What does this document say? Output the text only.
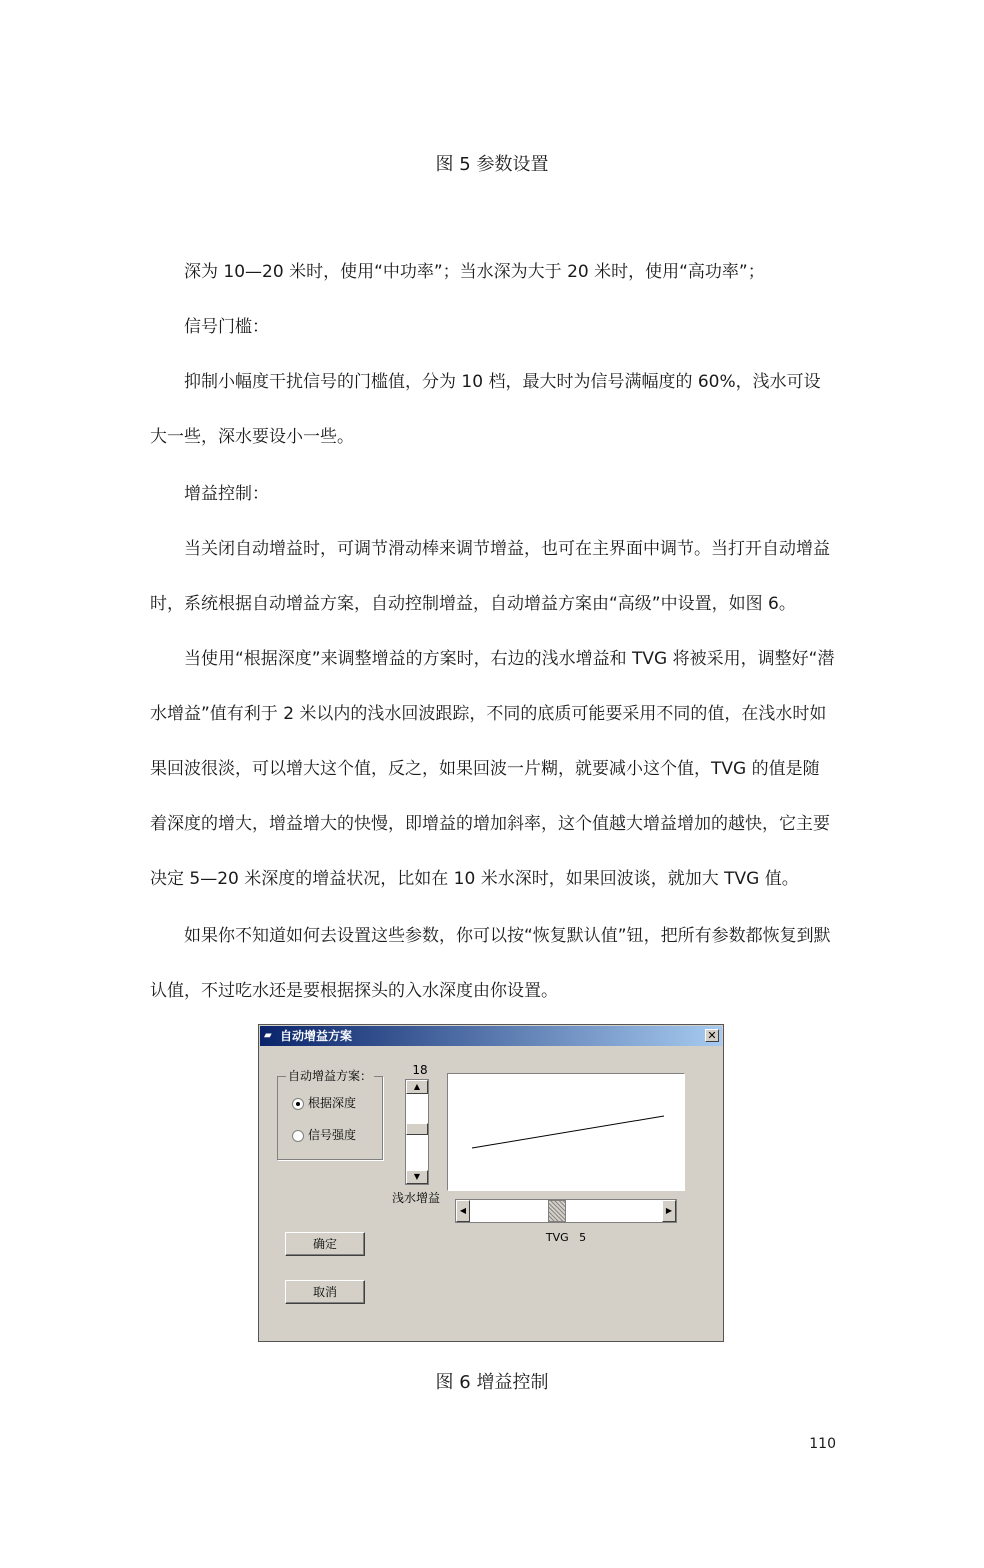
图 5 参数设置
深为 10—20 米时，使用“中功率”；当水深为大于 20 米时，使用“高功率”；
信号门槛：
抑制小幅度干扰信号的门槛值，分为 10 档，最大时为信号满幅度的 60%，浅水可设大一些，深水要设小一些。
增益控制：
当关闭自动增益时，可调节滑动棒来调节增益，也可在主界面中调节。当打开自动增益时，系统根据自动增益方案，自动控制增益，自动增益方案由“高级”中设置，如图 6。
当使用“根据深度”来调整增益的方案时，右边的浅水增益和 TVG 将被采用，调整好“潜水增益”值有利于 2 米以内的浅水回波跟踪，不同的底质可能要采用不同的值，在浅水时如果回波很淡，可以增大这个值，反之，如果回波一片糊，就要减小这个值，TVG 的值是随着深度的增大，增益增大的快慢，即增益的增加斜率，这个值越大增益增加的越快，它主要决定 5—20 米深度的增益状况，比如在 10 米水深时，如果回波谈，就加大 TVG 值。
如果你不知道如何去设置这些参数，你可以按“恢复默认值”钮，把所有参数都恢复到默认值，不过吃水还是要根据探头的入水深度由你设置。
▰ 自动增益方案	✕
自动增益方案：
根据深度
信号强度
18
▲
▼
浅水增益
◀	▶
TVG 5
确定
取消
图 6 增益控制
110
